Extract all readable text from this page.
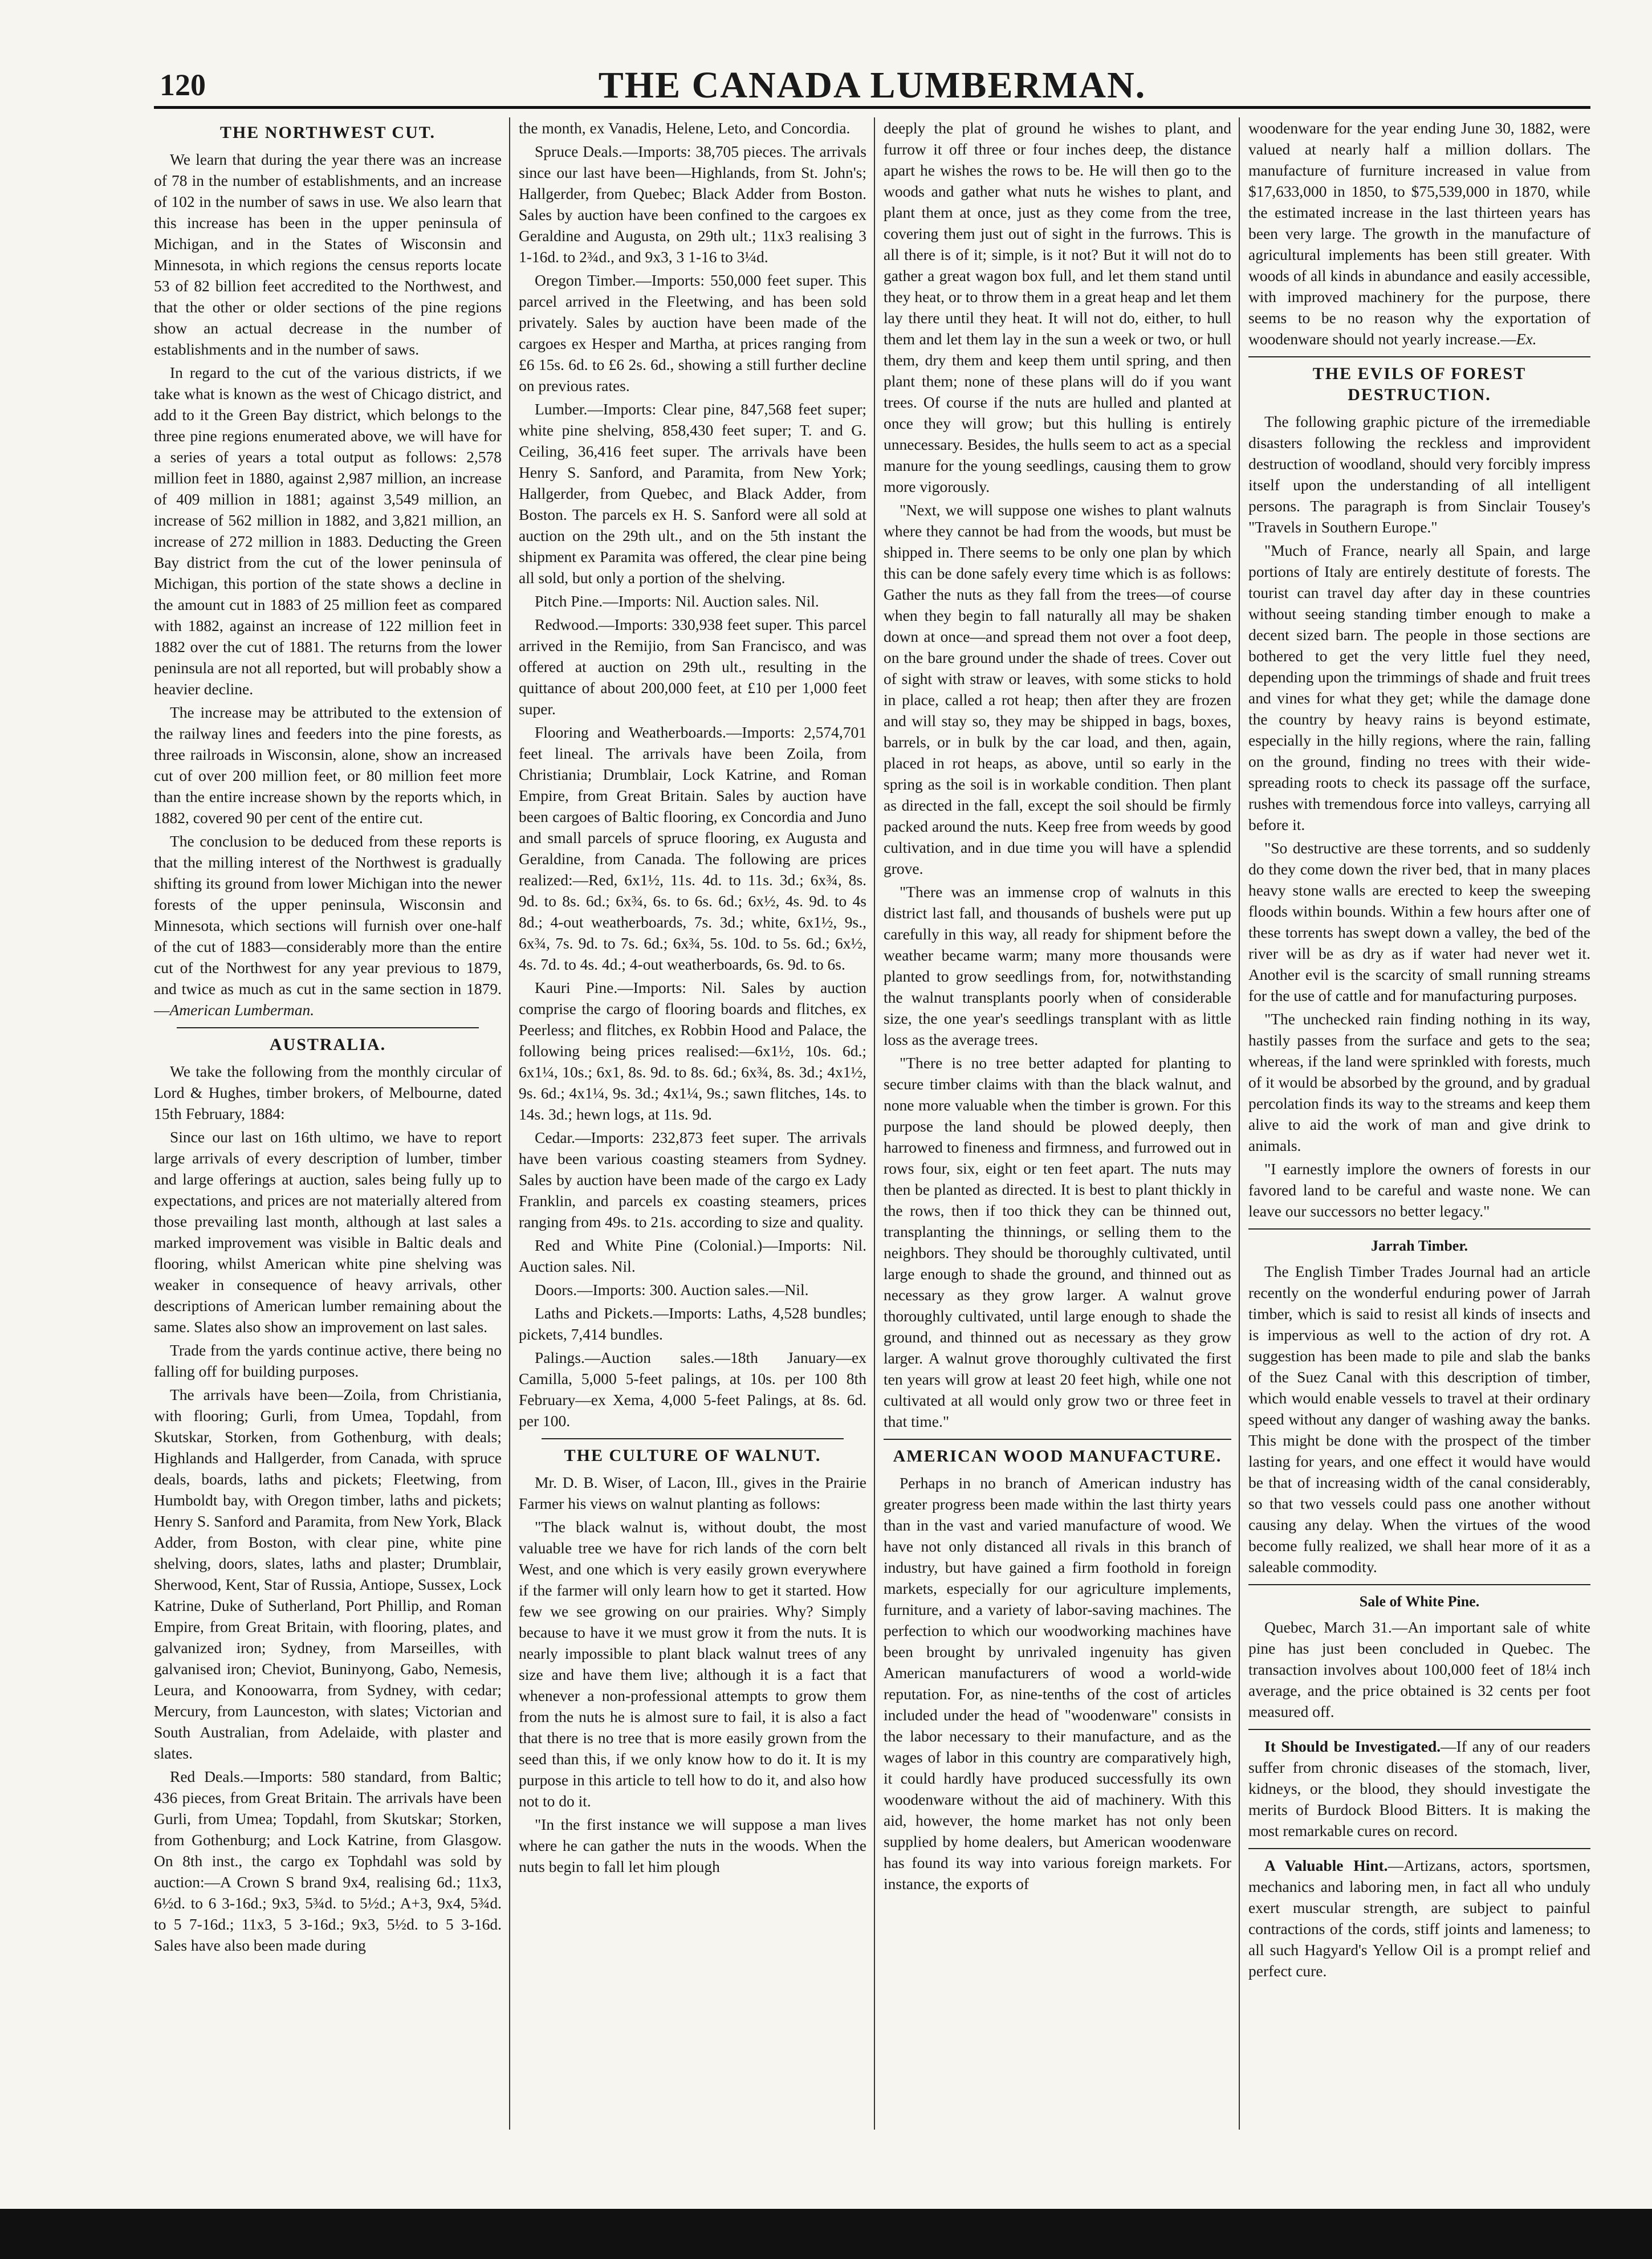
120	THE CANADA LUMBERMAN.
THE NORTHWEST CUT.

We learn that during the year there was an increase of 78 in the number of establishments, and an increase of 102 in the number of saws in use. We also learn that this increase has been in the upper peninsula of Michigan, and in the States of Wisconsin and Minnesota, in which regions the census reports locate 53 of 82 billion feet accredited to the Northwest, and that the other or older sections of the pine regions show an actual decrease in the number of establishments and in the number of saws.

In regard to the cut of the various districts, if we take what is known as the west of Chicago district, and add to it the Green Bay district, which belongs to the three pine regions enumerated above, we will have for a series of years a total output as follows: 2,578 million feet in 1880, against 2,987 million, an increase of 409 million in 1881; against 3,549 million, an increase of 562 million in 1882, and 3,821 million, an increase of 272 million in 1883. Deducting the Green Bay district from the cut of the lower peninsula of Michigan, this portion of the state shows a decline in the amount cut in 1883 of 25 million feet as compared with 1882, against an increase of 122 million feet in 1882 over the cut of 1881. The returns from the lower peninsula are not all reported, but will probably show a heavier decline.

The increase may be attributed to the extension of the railway lines and feeders into the pine forests, as three railroads in Wisconsin, alone, show an increased cut of over 200 million feet, or 80 million feet more than the entire increase shown by the reports which, in 1882, covered 90 per cent of the entire cut.

The conclusion to be deduced from these reports is that the milling interest of the Northwest is gradually shifting its ground from lower Michigan into the newer forests of the upper peninsula, Wisconsin and Minnesota, which sections will furnish over one-half of the cut of 1883—considerably more than the entire cut of the Northwest for any year previous to 1879, and twice as much as cut in the same section in 1879.—American Lumberman.

AUSTRALIA.

We take the following from the monthly circular of Lord & Hughes, timber brokers, of Melbourne, dated 15th February, 1884:

Since our last on 16th ultimo, we have to report large arrivals of every description of lumber, timber and large offerings at auction, sales being fully up to expectations, and prices are not materially altered from those prevailing last month, although at last sales a marked improvement was visible in Baltic deals and flooring, whilst American white pine shelving was weaker in consequence of heavy arrivals, other descriptions of American lumber remaining about the same. Slates also show an improvement on last sales.

Trade from the yards continue active, there being no falling off for building purposes.

The arrivals have been—Zoila, from Christiania, with flooring; Gurli, from Umea, Topdahl, from Skutskar, Storken, from Gothenburg, with deals; Highlands and Hallgerder, from Canada, with spruce deals, boards, laths and pickets; Fleetwing, from Humboldt bay, with Oregon timber, laths and pickets; Henry S. Sanford and Paramita, from New York, Black Adder, from Boston, with clear pine, white pine shelving, doors, slates, laths and plaster; Drumblair, Sherwood, Kent, Star of Russia, Antiope, Sussex, Lock Katrine, Duke of Sutherland, Port Phillip, and Roman Empire, from Great Britain, with flooring, plates, and galvanized iron; Sydney, from Marseilles, with galvanised iron; Cheviot, Buninyong, Gabo, Nemesis, Leura, and Konoowarra, from Sydney, with cedar; Mercury, from Launceston, with slates; Victorian and South Australian, from Adelaide, with plaster and slates.

Red Deals.—Imports: 580 standard, from Baltic; 436 pieces, from Great Britain. The arrivals have been Gurli, from Umea; Topdahl, from Skutskar; Storken, from Gothenburg; and Lock Katrine, from Glasgow. On 8th inst., the cargo ex Tophdahl was sold by auction:—A Crown S brand 9x4, realising 6d.; 11x3, 6½d. to 6 3-16d.; 9x3, 5¾d. to 5½d.; A+3, 9x4, 5¾d. to 5 7-16d.; 11x3, 5 3-16d.; 9x3, 5½d. to 5 3-16d. Sales have also been made during

the month, ex Vanadis, Helene, Leto, and Concordia.

Spruce Deals.—Imports: 38,705 pieces. The arrivals since our last have been—Highlands, from St. John's; Hallgerder, from Quebec; Black Adder from Boston. Sales by auction have been confined to the cargoes ex Geraldine and Augusta, on 29th ult.; 11x3 realising 3 1-16d. to 2¾d., and 9x3, 3 1-16 to 3¼d.

Oregon Timber.—Imports: 550,000 feet super. This parcel arrived in the Fleetwing, and has been sold privately. Sales by auction have been made of the cargoes ex Hesper and Martha, at prices ranging from £6 15s. 6d. to £6 2s. 6d., showing a still further decline on previous rates.

Lumber.—Imports: Clear pine, 847,568 feet super; white pine shelving, 858,430 feet super; T. and G. Ceiling, 36,416 feet super. The arrivals have been Henry S. Sanford, and Paramita, from New York; Hallgerder, from Quebec, and Black Adder, from Boston. The parcels ex H. S. Sanford were all sold at auction on the 29th ult., and on the 5th instant the shipment ex Paramita was offered, the clear pine being all sold, but only a portion of the shelving.

Pitch Pine.—Imports: Nil. Auction sales. Nil.

Redwood.—Imports: 330,938 feet super. This parcel arrived in the Remijio, from San Francisco, and was offered at auction on 29th ult., resulting in the quittance of about 200,000 feet, at £10 per 1,000 feet super.

Flooring and Weatherboards.—Imports: 2,574,701 feet lineal. The arrivals have been Zoila, from Christiania; Drumblair, Lock Katrine, and Roman Empire, from Great Britain. Sales by auction have been cargoes of Baltic flooring, ex Concordia and Juno and small parcels of spruce flooring, ex Augusta and Geraldine, from Canada. The following are prices realized:—Red, 6x1½, 11s. 4d. to 11s. 3d.; 6x¾, 8s. 9d. to 8s. 6d.; 6x¾, 6s. to 6s. 6d.; 6x½, 4s. 9d. to 4s 8d.; 4-out weatherboards, 7s. 3d.; white, 6x1½, 9s., 6x¾, 7s. 9d. to 7s. 6d.; 6x¾, 5s. 10d. to 5s. 6d.; 6x½, 4s. 7d. to 4s. 4d.; 4-out weatherboards, 6s. 9d. to 6s.

Kauri Pine.—Imports: Nil. Sales by auction comprise the cargo of flooring boards and flitches, ex Peerless; and flitches, ex Robbin Hood and Palace, the following being prices realised:—6x1½, 10s. 6d.; 6x1¼, 10s.; 6x1, 8s. 9d. to 8s. 6d.; 6x¾, 8s. 3d.; 4x1½, 9s. 6d.; 4x1¼, 9s. 3d.; 4x1¼, 9s.; sawn flitches, 14s. to 14s. 3d.; hewn logs, at 11s. 9d.

Cedar.—Imports: 232,873 feet super. The arrivals have been various coasting steamers from Sydney. Sales by auction have been made of the cargo ex Lady Franklin, and parcels ex coasting steamers, prices ranging from 49s. to 21s. according to size and quality.

Red and White Pine (Colonial.)—Imports: Nil. Auction sales. Nil.

Doors.—Imports: 300. Auction sales.—Nil.

Laths and Pickets.—Imports: Laths, 4,528 bundles; pickets, 7,414 bundles.

Palings.—Auction sales.—18th January—ex Camilla, 5,000 5-feet palings, at 10s. per 100 8th February—ex Xema, 4,000 5-feet Palings, at 8s. 6d. per 100.

THE CULTURE OF WALNUT.

Mr. D. B. Wiser, of Lacon, Ill., gives in the Prairie Farmer his views on walnut planting as follows:

"The black walnut is, without doubt, the most valuable tree we have for rich lands of the corn belt West, and one which is very easily grown everywhere if the farmer will only learn how to get it started. How few we see growing on our prairies. Why? Simply because to have it we must grow it from the nuts. It is nearly impossible to plant black walnut trees of any size and have them live; although it is a fact that whenever a non-professional attempts to grow them from the nuts he is almost sure to fail, it is also a fact that there is no tree that is more easily grown from the seed than this, if we only know how to do it. It is my purpose in this article to tell how to do it, and also how not to do it.

"In the first instance we will suppose a man lives where he can gather the nuts in the woods. When the nuts begin to fall let him plough

deeply the plat of ground he wishes to plant, and furrow it off three or four inches deep, the distance apart he wishes the rows to be. He will then go to the woods and gather what nuts he wishes to plant, and plant them at once, just as they come from the tree, covering them just out of sight in the furrows. This is all there is of it; simple, is it not? But it will not do to gather a great wagon box full, and let them stand until they heat, or to throw them in a great heap and let them lay there until they heat. It will not do, either, to hull them and let them lay in the sun a week or two, or hull them, dry them and keep them until spring, and then plant them; none of these plans will do if you want trees. Of course if the nuts are hulled and planted at once they will grow; but this hulling is entirely unnecessary. Besides, the hulls seem to act as a special manure for the young seedlings, causing them to grow more vigorously.

"Next, we will suppose one wishes to plant walnuts where they cannot be had from the woods, but must be shipped in. There seems to be only one plan by which this can be done safely every time which is as follows: Gather the nuts as they fall from the trees—of course when they begin to fall naturally all may be shaken down at once—and spread them not over a foot deep, on the bare ground under the shade of trees. Cover out of sight with straw or leaves, with some sticks to hold in place, called a rot heap; then after they are frozen and will stay so, they may be shipped in bags, boxes, barrels, or in bulk by the car load, and then, again, placed in rot heaps, as above, until so early in the spring as the soil is in workable condition. Then plant as directed in the fall, except the soil should be firmly packed around the nuts. Keep free from weeds by good cultivation, and in due time you will have a splendid grove.

"There was an immense crop of walnuts in this district last fall, and thousands of bushels were put up carefully in this way, all ready for shipment before the weather became warm; many more thousands were planted to grow seedlings from, for, notwithstanding the walnut transplants poorly when of considerable size, the one year's seedlings transplant with as little loss as the average trees.

"There is no tree better adapted for planting to secure timber claims with than the black walnut, and none more valuable when the timber is grown. For this purpose the land should be plowed deeply, then harrowed to fineness and firmness, and furrowed out in rows four, six, eight or ten feet apart. The nuts may then be planted as directed. It is best to plant thickly in the rows, then if too thick they can be thinned out, transplanting the thinnings, or selling them to the neighbors. They should be thoroughly cultivated, until large enough to shade the ground, and thinned out as necessary as they grow larger. A walnut grove thoroughly cultivated, until large enough to shade the ground, and thinned out as necessary as they grow larger. A walnut grove thoroughly cultivated the first ten years will grow at least 20 feet high, while one not cultivated at all would only grow two or three feet in that time."

AMERICAN WOOD MANUFACTURE.

Perhaps in no branch of American industry has greater progress been made within the last thirty years than in the vast and varied manufacture of wood. We have not only distanced all rivals in this branch of industry, but have gained a firm foothold in foreign markets, especially for our agriculture implements, furniture, and a variety of labor-saving machines. The perfection to which our woodworking machines have been brought by unrivaled ingenuity has given American manufacturers of wood a world-wide reputation. For, as nine-tenths of the cost of articles included under the head of "woodenware" consists in the labor necessary to their manufacture, and as the wages of labor in this country are comparatively high, it could hardly have produced successfully its own woodenware without the aid of machinery. With this aid, however, the home market has not only been supplied by home dealers, but American woodenware has found its way into various foreign markets. For instance, the exports of

woodenware for the year ending June 30, 1882, were valued at nearly half a million dollars. The manufacture of furniture increased in value from $17,633,000 in 1850, to $75,539,000 in 1870, while the estimated increase in the last thirteen years has been very large. The growth in the manufacture of agricultural implements has been still greater. With woods of all kinds in abundance and easily accessible, with improved machinery for the purpose, there seems to be no reason why the exportation of woodenware should not yearly increase.—Ex.

THE EVILS OF FOREST DESTRUCTION.

The following graphic picture of the irremediable disasters following the reckless and improvident destruction of woodland, should very forcibly impress itself upon the understanding of all intelligent persons. The paragraph is from Sinclair Tousey's "Travels in Southern Europe."

"Much of France, nearly all Spain, and large portions of Italy are entirely destitute of forests. The tourist can travel day after day in these countries without seeing standing timber enough to make a decent sized barn. The people in those sections are bothered to get the very little fuel they need, depending upon the trimmings of shade and fruit trees and vines for what they get; while the damage done the country by heavy rains is beyond estimate, especially in the hilly regions, where the rain, falling on the ground, finding no trees with their wide-spreading roots to check its passage off the surface, rushes with tremendous force into valleys, carrying all before it.

"So destructive are these torrents, and so suddenly do they come down the river bed, that in many places heavy stone walls are erected to keep the sweeping floods within bounds. Within a few hours after one of these torrents has swept down a valley, the bed of the river will be as dry as if water had never wet it. Another evil is the scarcity of small running streams for the use of cattle and for manufacturing purposes.

"The unchecked rain finding nothing in its way, hastily passes from the surface and gets to the sea; whereas, if the land were sprinkled with forests, much of it would be absorbed by the ground, and by gradual percolation finds its way to the streams and keep them alive to aid the work of man and give drink to animals.

"I earnestly implore the owners of forests in our favored land to be careful and waste none. We can leave our successors no better legacy."

Jarrah Timber.

The English Timber Trades Journal had an article recently on the wonderful enduring power of Jarrah timber, which is said to resist all kinds of insects and is impervious as well to the action of dry rot. A suggestion has been made to pile and slab the banks of the Suez Canal with this description of timber, which would enable vessels to travel at their ordinary speed without any danger of washing away the banks. This might be done with the prospect of the timber lasting for years, and one effect it would have would be that of increasing width of the canal considerably, so that two vessels could pass one another without causing any delay. When the virtues of the wood become fully realized, we shall hear more of it as a saleable commodity.

Sale of White Pine.

Quebec, March 31.—An important sale of white pine has just been concluded in Quebec. The transaction involves about 100,000 feet of 18¼ inch average, and the price obtained is 32 cents per foot measured off.

It Should be Investigated.—If any of our readers suffer from chronic diseases of the stomach, liver, kidneys, or the blood, they should investigate the merits of Burdock Blood Bitters. It is making the most remarkable cures on record.

A Valuable Hint.—Artizans, actors, sportsmen, mechanics and laboring men, in fact all who unduly exert muscular strength, are subject to painful contractions of the cords, stiff joints and lameness; to all such Hagyard's Yellow Oil is a prompt relief and perfect cure.
